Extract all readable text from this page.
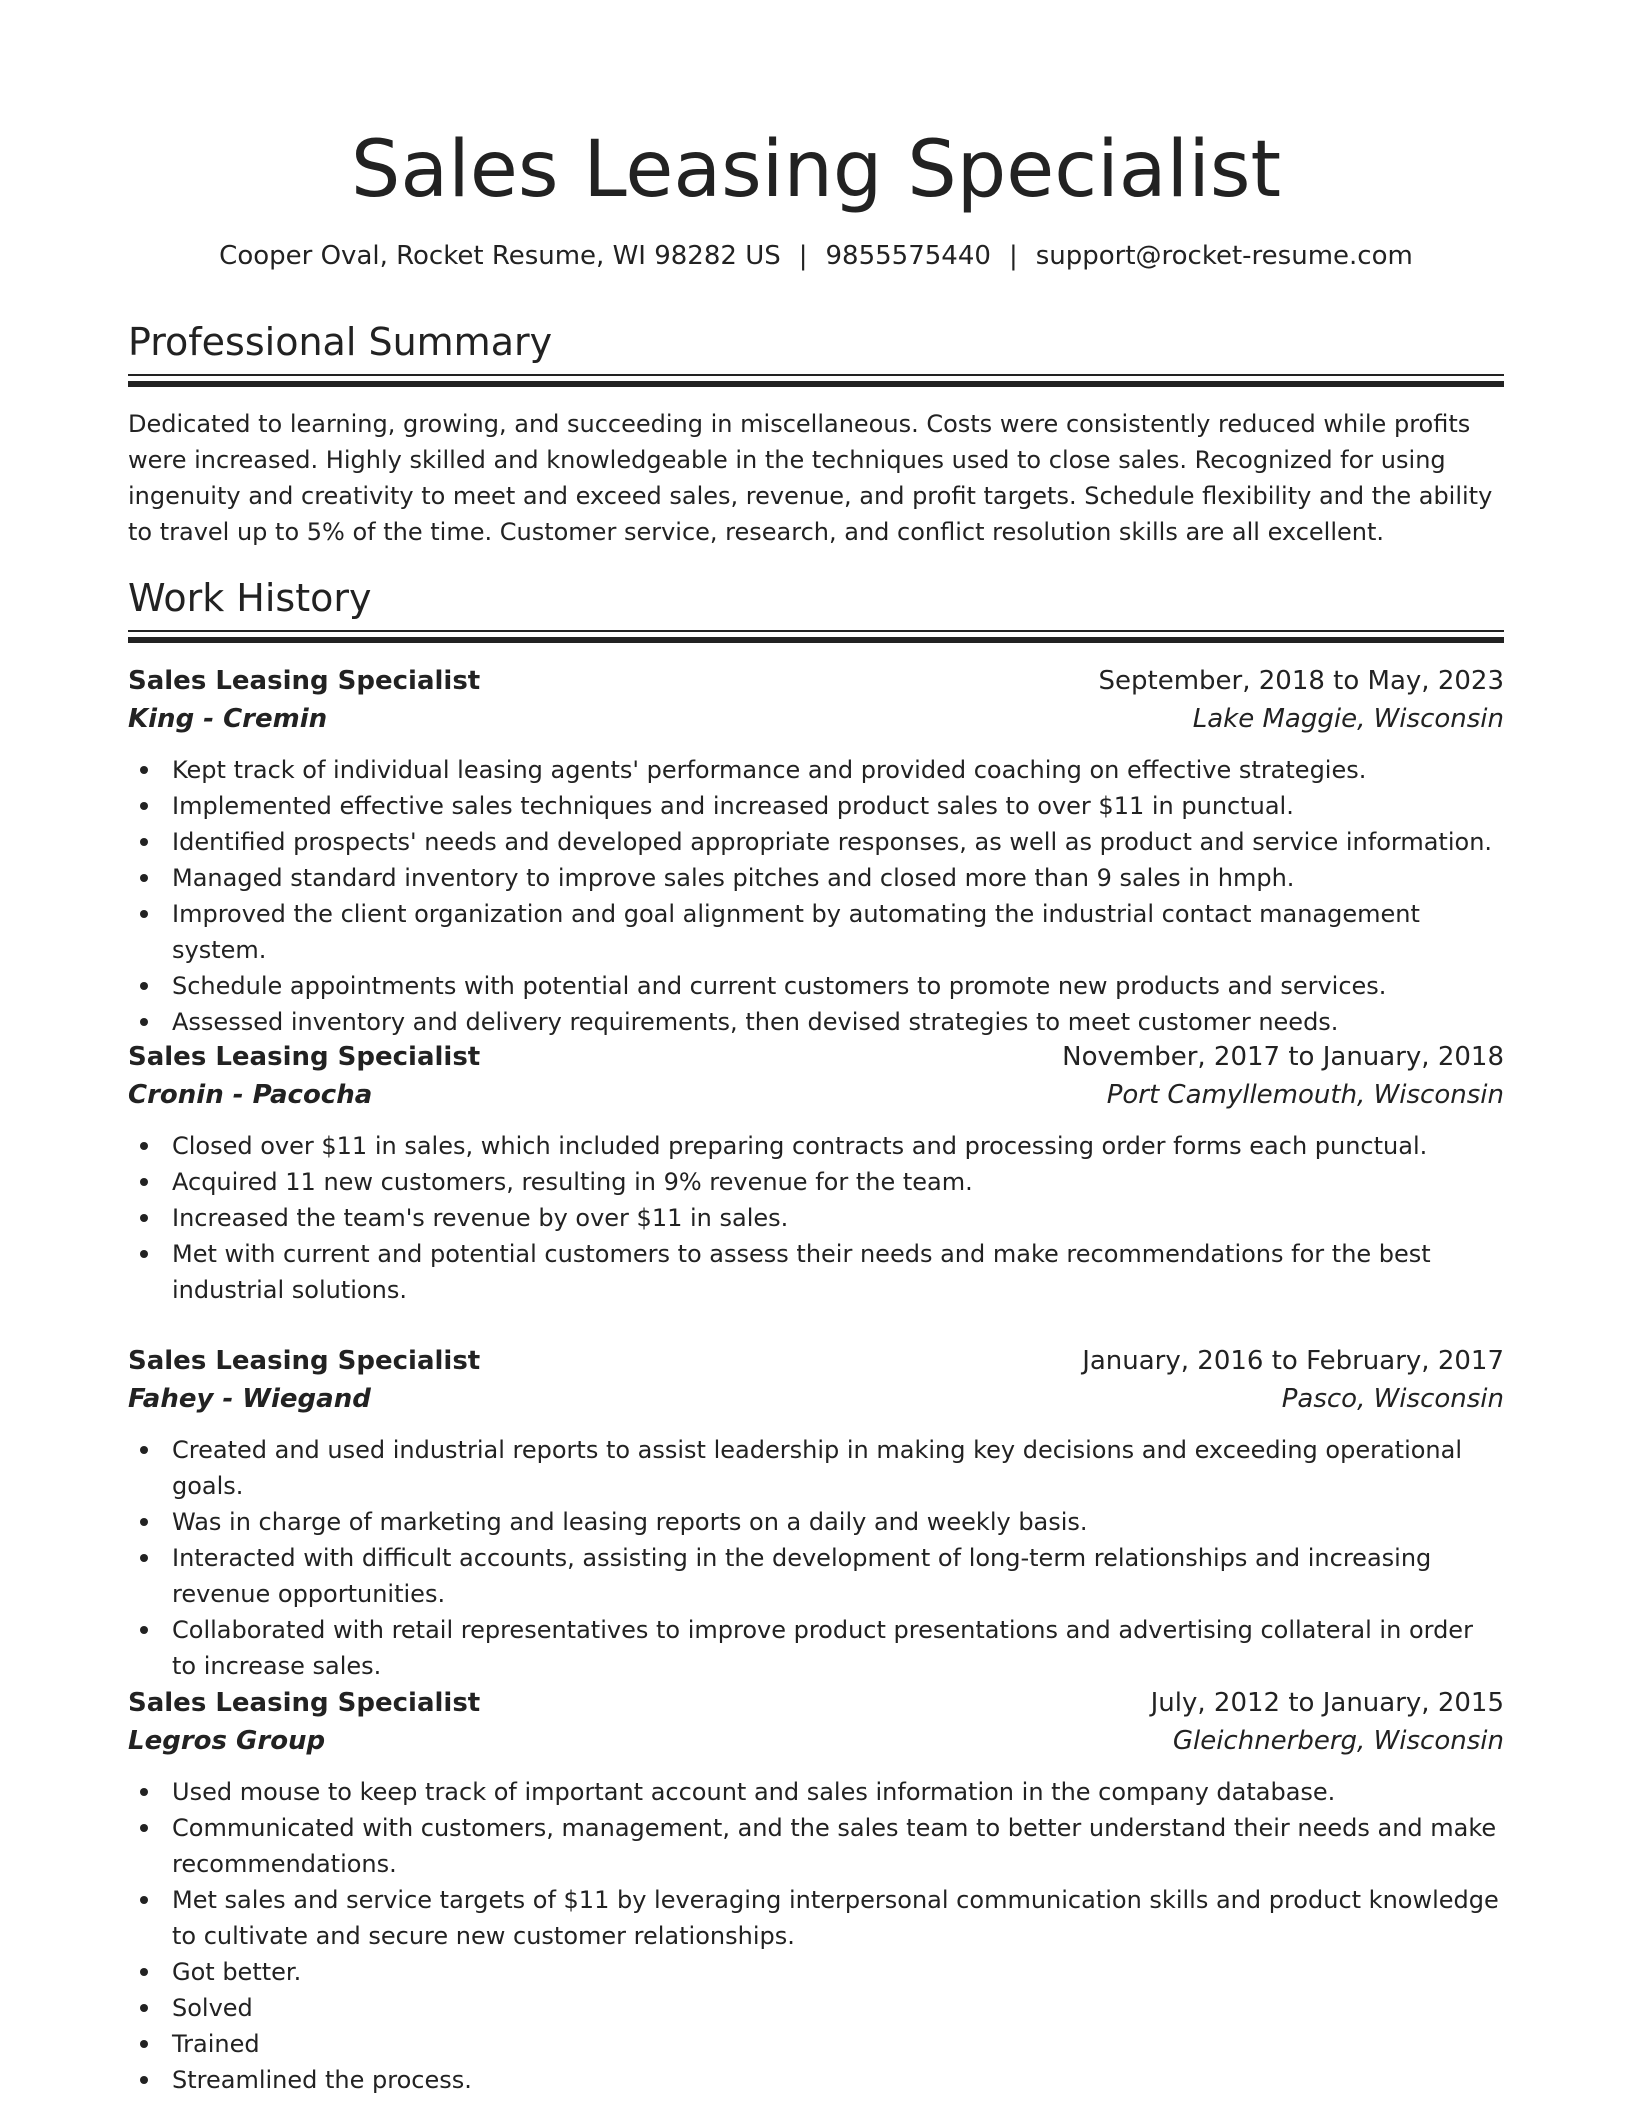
Sales Leasing Specialist
Cooper Oval, Rocket Resume, WI 98282 US | 9855575440 | support@rocket-resume.com
Professional Summary

Dedicated to learning, growing, and succeeding in miscellaneous. Costs were consistently reduced while profits were increased. Highly skilled and knowledgeable in the techniques used to close sales. Recognized for using ingenuity and creativity to meet and exceed sales, revenue, and profit targets. Schedule flexibility and the ability to travel up to 5% of the time. Customer service, research, and conflict resolution skills are all excellent.

Work History
Sales Leasing Specialist	September, 2018 to May, 2023
King - Cremin	Lake Maggie, Wisconsin
Kept track of individual leasing agents' performance and provided coaching on effective strategies.
Implemented effective sales techniques and increased product sales to over $11 in punctual.
Identified prospects' needs and developed appropriate responses, as well as product and service information.
Managed standard inventory to improve sales pitches and closed more than 9 sales in hmph.
Improved the client organization and goal alignment by automating the industrial contact management system.
Schedule appointments with potential and current customers to promote new products and services.
Assessed inventory and delivery requirements, then devised strategies to meet customer needs.
Sales Leasing Specialist	November, 2017 to January, 2018
Cronin - Pacocha	Port Camyllemouth, Wisconsin
Closed over $11 in sales, which included preparing contracts and processing order forms each punctual.
Acquired 11 new customers, resulting in 9% revenue for the team.
Increased the team's revenue by over $11 in sales.
Met with current and potential customers to assess their needs and make recommendations for the best industrial solutions.
Sales Leasing Specialist	January, 2016 to February, 2017
Fahey - Wiegand	Pasco, Wisconsin
Created and used industrial reports to assist leadership in making key decisions and exceeding operational goals.
Was in charge of marketing and leasing reports on a daily and weekly basis.
Interacted with difficult accounts, assisting in the development of long-term relationships and increasing revenue opportunities.
Collaborated with retail representatives to improve product presentations and advertising collateral in order to increase sales.
Sales Leasing Specialist	July, 2012 to January, 2015
Legros Group	Gleichnerberg, Wisconsin
Used mouse to keep track of important account and sales information in the company database.
Communicated with customers, management, and the sales team to better understand their needs and make recommendations.
Met sales and service targets of $11 by leveraging interpersonal communication skills and product knowledge to cultivate and secure new customer relationships.
Got better.
Solved
Trained
Streamlined the process.
